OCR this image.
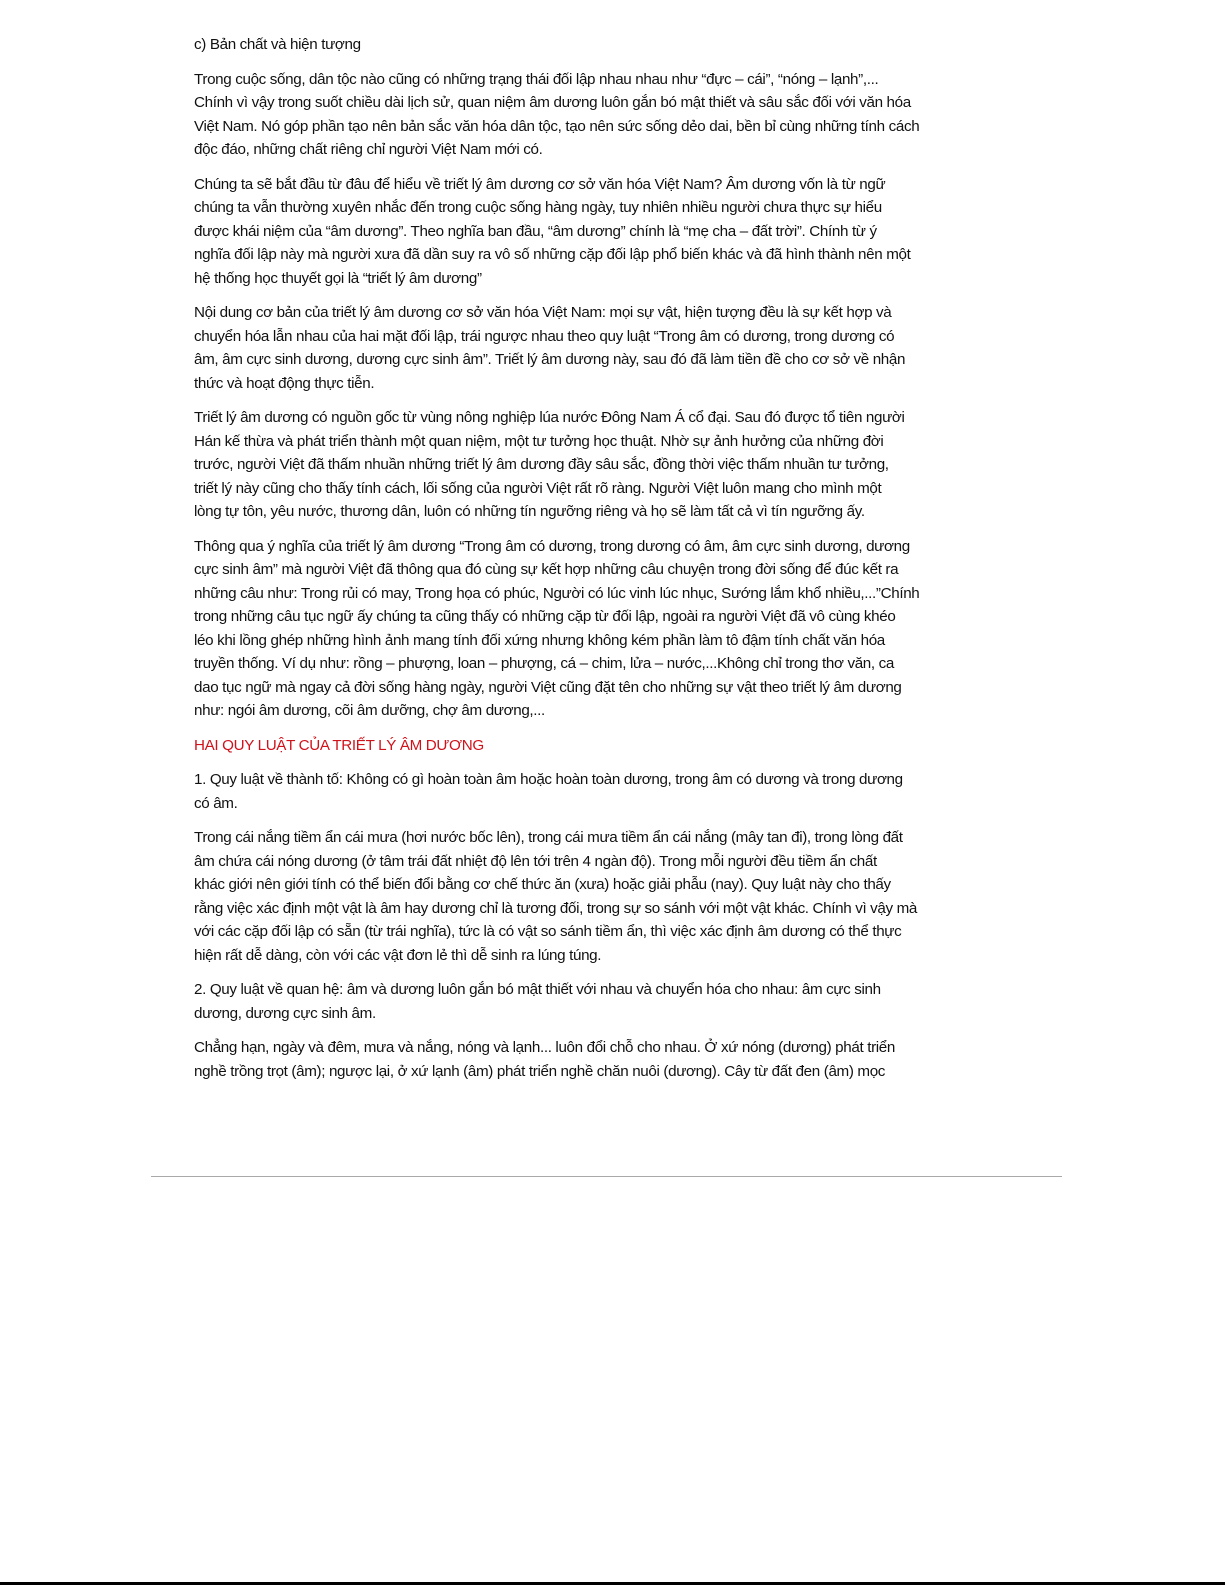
c) Bản chất và hiện tượng
Trong cuộc sống, dân tộc nào cũng có những trạng thái đối lập nhau nhau như “đực – cái”, “nóng – lạnh”,...
Chính vì vậy trong suốt chiều dài lịch sử, quan niệm âm dương luôn gắn bó mật thiết và sâu sắc đối với văn hóa
Việt Nam. Nó góp phần tạo nên bản sắc văn hóa dân tộc, tạo nên sức sống dẻo dai, bền bỉ cùng những tính cách
độc đáo, những chất riêng chỉ người Việt Nam mới có.
Chúng ta sẽ bắt đầu từ đâu để hiểu về triết lý âm dương cơ sở văn hóa Việt Nam? Âm dương vốn là từ ngữ
chúng ta vẫn thường xuyên nhắc đến trong cuộc sống hàng ngày, tuy nhiên nhiều người chưa thực sự hiểu
được khái niệm của “âm dương”. Theo nghĩa ban đầu, “âm dương” chính là “mẹ cha – đất trời”. Chính từ ý
nghĩa đối lập này mà người xưa đã dần suy ra vô số những cặp đối lập phổ biến khác và đã hình thành nên một
hệ thống học thuyết gọi là “triết lý âm dương”
Nội dung cơ bản của triết lý âm dương cơ sở văn hóa Việt Nam: mọi sự vật, hiện tượng đều là sự kết hợp và
chuyển hóa lẫn nhau của hai mặt đối lập, trái ngược nhau theo quy luật “Trong âm có dương, trong dương có
âm, âm cực sinh dương, dương cực sinh âm”. Triết lý âm dương này, sau đó đã làm tiền đề cho cơ sở về nhận
thức và hoạt động thực tiễn.
Triết lý âm dương có nguồn gốc từ vùng nông nghiệp lúa nước Đông Nam Á cổ đại. Sau đó được tổ tiên người
Hán kế thừa và phát triển thành một quan niệm, một tư tưởng học thuật. Nhờ sự ảnh hưởng của những đời
trước, người Việt đã thấm nhuần những triết lý âm dương đầy sâu sắc, đồng thời việc thấm nhuần tư tưởng,
triết lý này cũng cho thấy tính cách, lối sống của người Việt rất rõ ràng. Người Việt luôn mang cho mình một
lòng tự tôn, yêu nước, thương dân, luôn có những tín ngưỡng riêng và họ sẽ làm tất cả vì tín ngưỡng ấy.
Thông qua ý nghĩa của triết lý âm dương “Trong âm có dương, trong dương có âm, âm cực sinh dương, dương
cực sinh âm” mà người Việt đã thông qua đó cùng sự kết hợp những câu chuyện trong đời sống để đúc kết ra
những câu như: Trong rủi có may, Trong họa có phúc, Người có lúc vinh lúc nhục, Sướng lắm khổ nhiều,...”Chính
trong những câu tục ngữ ấy chúng ta cũng thấy có những cặp từ đối lập, ngoài ra người Việt đã vô cùng khéo
léo khi lồng ghép những hình ảnh mang tính đối xứng nhưng không kém phần làm tô đậm tính chất văn hóa
truyền thống. Ví dụ như: rồng – phượng, loan – phượng, cá – chim, lửa – nước,...Không chỉ trong thơ văn, ca
dao tục ngữ mà ngay cả đời sống hàng ngày, người Việt cũng đặt tên cho những sự vật theo triết lý âm dương
như: ngói âm dương, cõi âm dưỡng, chợ âm dương,...
HAI QUY LUẬT CỦA TRIẾT LÝ ÂM DƯƠNG
1. Quy luật về thành tố: Không có gì hoàn toàn âm hoặc hoàn toàn dương, trong âm có dương và trong dương
có âm.
Trong cái nắng tiềm ẩn cái mưa (hơi nước bốc lên), trong cái mưa tiềm ẩn cái nắng (mây tan đi), trong lòng đất
âm chứa cái nóng dương (ở tâm trái đất nhiệt độ lên tới trên 4 ngàn độ). Trong mỗi người đều tiềm ẩn chất
khác giới nên giới tính có thể biến đổi bằng cơ chế thức ăn (xưa) hoặc giải phẫu (nay). Quy luật này cho thấy
rằng việc xác định một vật là âm hay dương chỉ là tương đối, trong sự so sánh với một vật khác. Chính vì vậy mà
với các cặp đối lập có sẵn (từ trái nghĩa), tức là có vật so sánh tiềm ẩn, thì việc xác định âm dương có thể thực
hiện rất dễ dàng, còn với các vật đơn lẻ thì dễ sinh ra lúng túng.
2. Quy luật về quan hệ: âm và dương luôn gắn bó mật thiết với nhau và chuyển hóa cho nhau: âm cực sinh
dương, dương cực sinh âm.
Chẳng hạn, ngày và đêm, mưa và nắng, nóng và lạnh... luôn đổi chỗ cho nhau. Ở xứ nóng (dương) phát triển
nghề trồng trọt (âm); ngược lại, ở xứ lạnh (âm) phát triển nghề chăn nuôi (dương). Cây từ đất đen (âm) mọc
